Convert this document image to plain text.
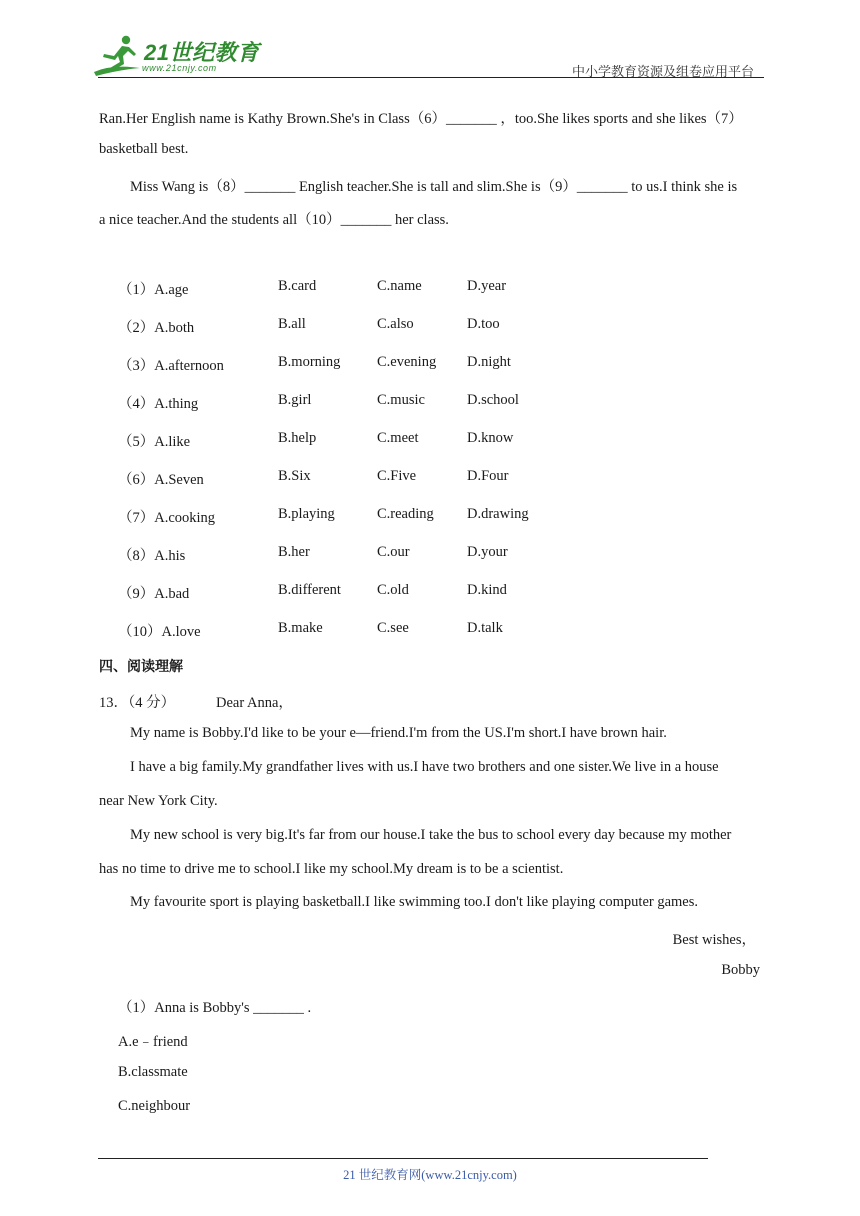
21世纪教育
www.21cnjy.com	中小学教育资源及组卷应用平台
Ran.Her English name is Kathy Brown.She's in Class（6）_______ ，too.She likes sports and she likes（7）
basketball best.
Miss Wang is（8）_______ English teacher.She is tall and slim.She is（9）_______ to us.I think she is
a nice teacher.And the students all（10）_______ her class.
（1）A.age	B.card	C.name	D.year
（2）A.both	B.all	C.also	D.too
（3）A.afternoon	B.morning	C.evening D.night
（4）A.thing	B.girl	C.music	D.school
（5）A.like	B.help	C.meet	D.know
（6）A.Seven	B.Six	C.Five	D.Four
（7）A.cooking	B.playing	C.reading D.drawing
（8）A.his	B.her	C.our	D.your
（9）A.bad	B.different C.old	D.kind
（10）A.love	B.make	C.see	D.talk
四、阅读理解
13．（4 分）	Dear Anna，
My name is Bobby.I'd like to be your e—friend.I'm from the US.I'm short.I have brown hair.
I have a big family.My grandfather lives with us.I have two brothers and one sister.We live in a house
near New York City.
My new school is very big.It's far from our house.I take the bus to school every day because my mother
has no time to drive me to school.I like my school.My dream is to be a scientist.
My favourite sport is playing basketball.I like swimming too.I don't like playing computer games.
Best wishes，
Bobby
（1）Anna is Bobby's _______ .
A.e﹣friend
B.classmate
C.neighbour
21 世纪教育网(www.21cnjy.com)
